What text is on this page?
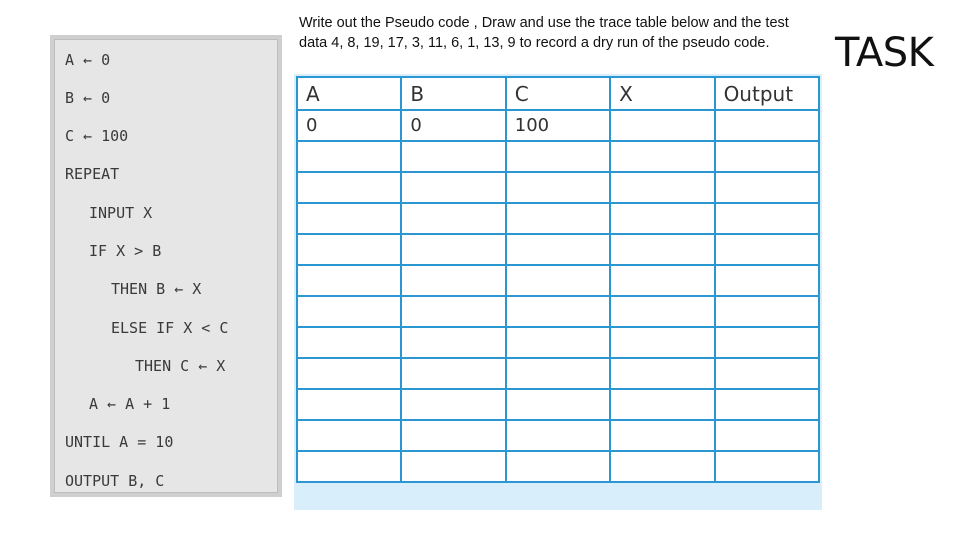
A ← 0
B ← 0
C ← 100
REPEAT
INPUT X
IF X > B
THEN B ← X
ELSE IF X < C
THEN C ← X
A ← A + 1
UNTIL A = 10
OUTPUT B, C
Write out the Pseudo code , Draw and use the trace table below and the test data 4, 8, 19, 17, 3, 11, 6, 1, 13, 9 to record a dry run of the pseudo code.	TASK
A	B	C	X	Output
0	0	100		
